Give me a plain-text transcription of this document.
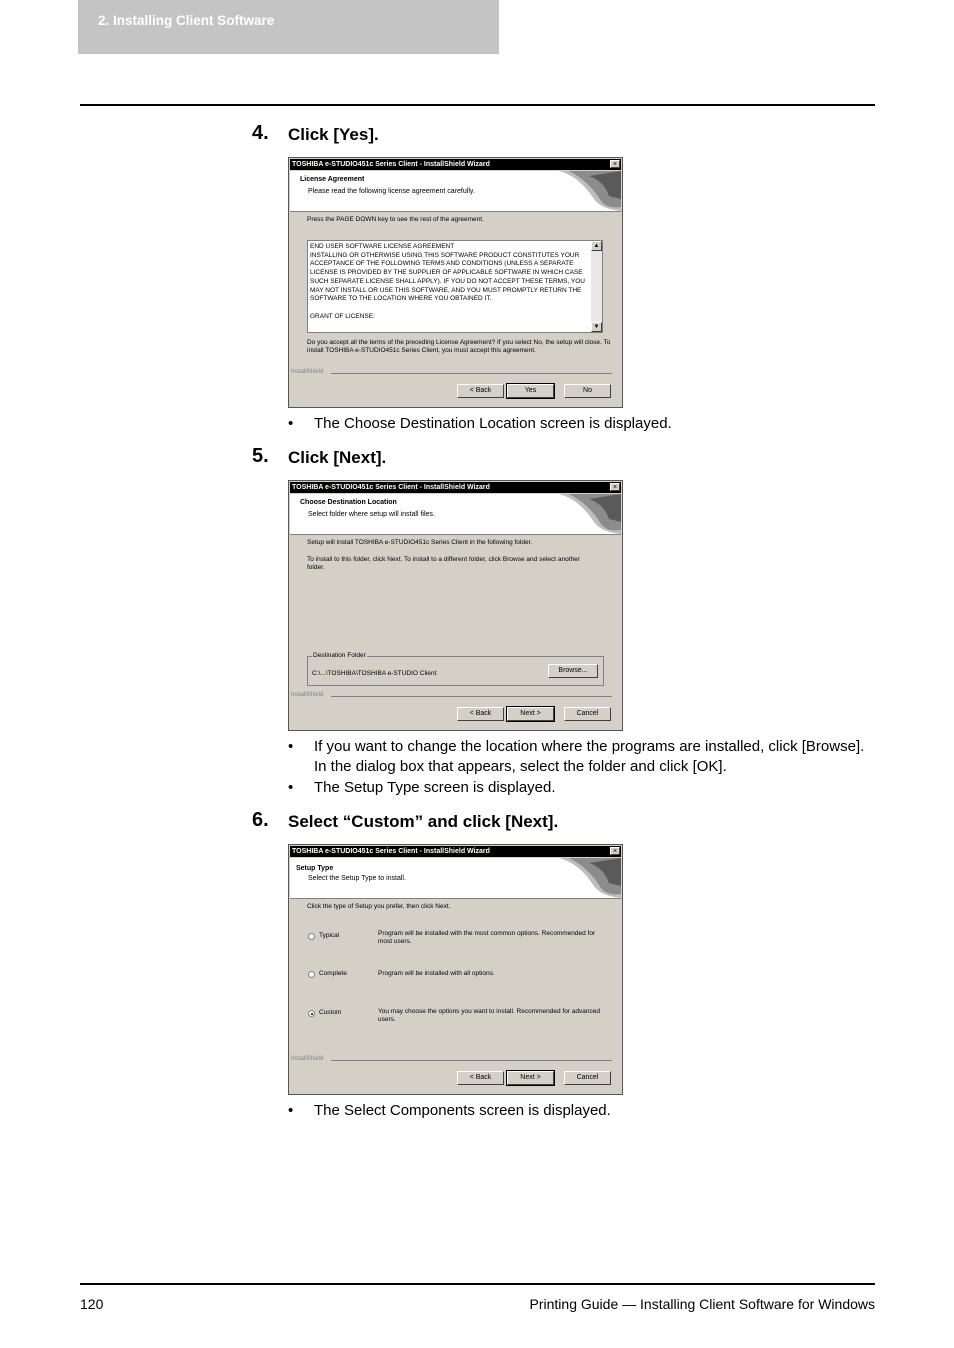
2. Installing Client Software
4. Click [Yes].
TOSHIBA e-STUDIO451c Series Client - InstallShield Wizard	×
License Agreement
Please read the following license agreement carefully.
Press the PAGE DOWN key to see the rest of the agreement.
END USER SOFTWARE LICENSE AGREEMENT
INSTALLING OR OTHERWISE USING THIS SOFTWARE PRODUCT CONSTITUTES YOUR ACCEPTANCE OF THE FOLLOWING TERMS AND CONDITIONS (UNLESS A SEPARATE LICENSE IS PROVIDED BY THE SUPPLIER OF APPLICABLE SOFTWARE IN WHICH CASE SUCH SEPARATE LICENSE SHALL APPLY). IF YOU DO NOT ACCEPT THESE TERMS, YOU MAY NOT INSTALL OR USE THIS SOFTWARE, AND YOU MUST PROMPTLY RETURN THE SOFTWARE TO THE LOCATION WHERE YOU OBTAINED IT.

GRANT OF LICENSE:
▲
▼
Do you accept all the terms of the preceding License Agreement? If you select No, the setup will close. To install TOSHIBA e-STUDIO451c Series Client, you must accept this agreement.
InstallShield
< Back	Yes	No
• The Choose Destination Location screen is displayed.
5. Click [Next].
TOSHIBA e-STUDIO451c Series Client - InstallShield Wizard	×
Choose Destination Location
Select folder where setup will install files.
Setup will install TOSHIBA e-STUDIO451c Series Client in the following folder.
To install to this folder, click Next. To install to a different folder, click Browse and select another folder.
Destination Folder
C:\...\TOSHIBA\TOSHIBA e-STUDIO Client	Browse...
InstallShield
< Back	Next >	Cancel
• If you want to change the location where the programs are installed, click [Browse]. In the dialog box that appears, select the folder and click [OK].
• The Setup Type screen is displayed.
6. Select “Custom” and click [Next].
TOSHIBA e-STUDIO451c Series Client - InstallShield Wizard	×
Setup Type
Select the Setup Type to install.
Click the type of Setup you prefer, then click Next.
Typical	Program will be installed with the most common options. Recommended for most users.
Complete	Program will be installed with all options.
Custom	You may choose the options you want to install. Recommended for advanced users.
InstallShield
< Back	Next >	Cancel
• The Select Components screen is displayed.
120	Printing Guide — Installing Client Software for Windows
